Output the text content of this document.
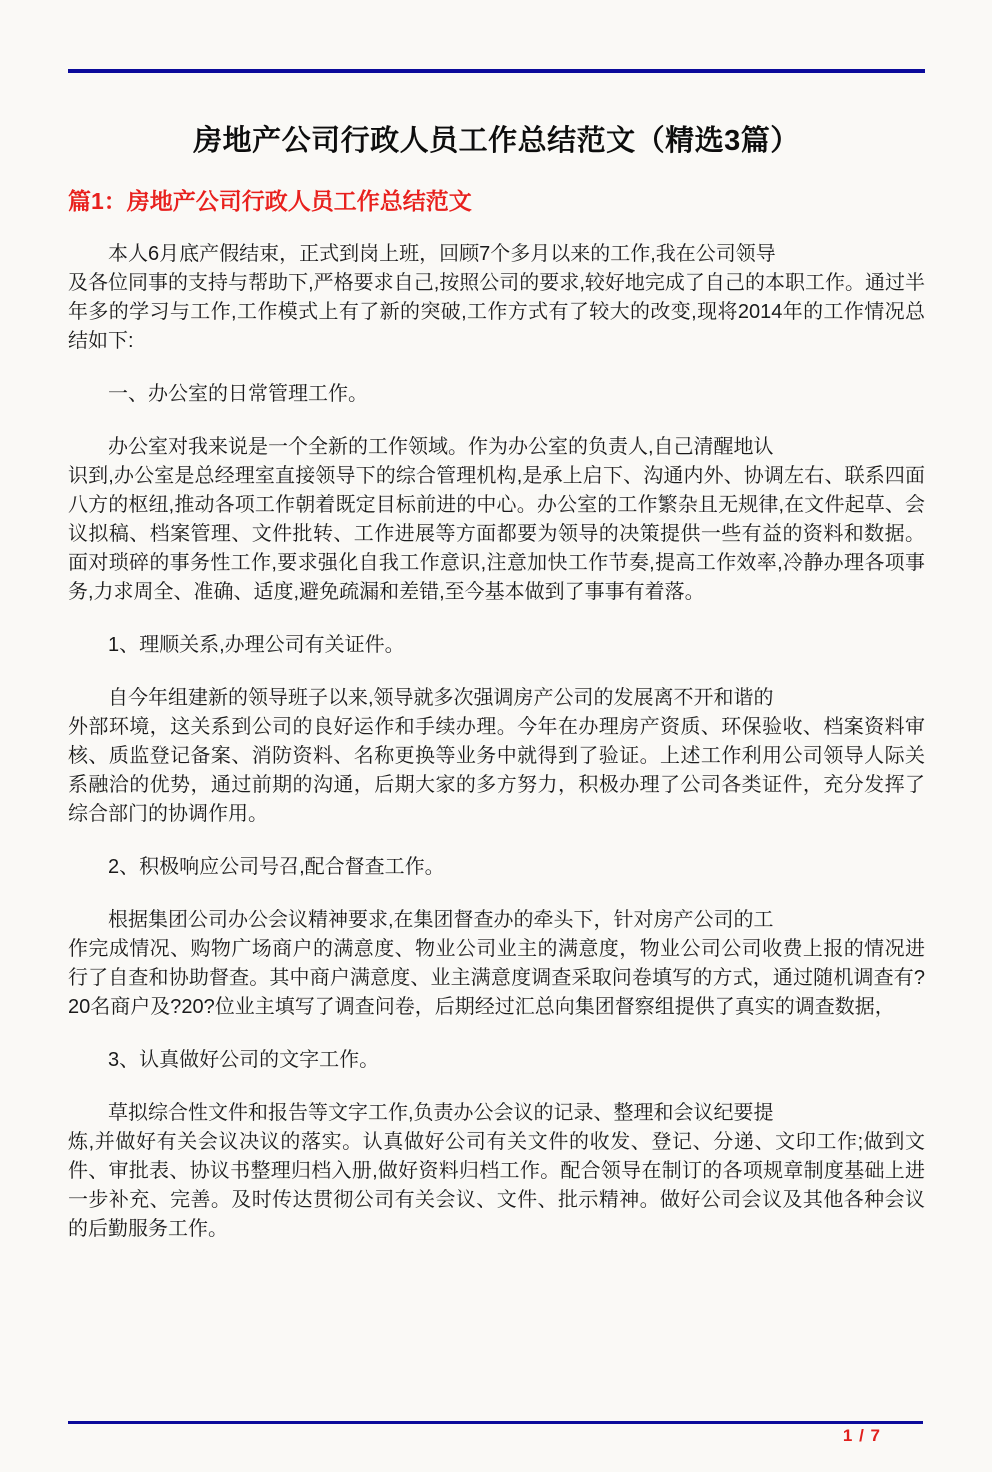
房地产公司行政人员工作总结范文（精选3篇）
篇1：房地产公司行政人员工作总结范文

本人6月底产假结束，正式到岗上班，回顾7个多月以来的工作,我在公司领导
及各位同事的支持与帮助下,严格要求自己,按照公司的要求,较好地完成了自己的本职工作。通过半年多的学习与工作,工作模式上有了新的突破,工作方式有了较大的改变,现将2014年的工作情况总结如下:

一、办公室的日常管理工作。

办公室对我来说是一个全新的工作领域。作为办公室的负责人,自己清醒地认
识到,办公室是总经理室直接领导下的综合管理机构,是承上启下、沟通内外、协调左右、联系四面八方的枢纽,推动各项工作朝着既定目标前进的中心。办公室的工作繁杂且无规律,在文件起草、会议拟稿、档案管理、文件批转、工作进展等方面都要为领导的决策提供一些有益的资料和数据。面对琐碎的事务性工作,要求强化自我工作意识,注意加快工作节奏,提高工作效率,冷静办理各项事务,力求周全、准确、适度,避免疏漏和差错,至今基本做到了事事有着落。

1、理顺关系,办理公司有关证件。

自今年组建新的领导班子以来,领导就多次强调房产公司的发展离不开和谐的
外部环境，这关系到公司的良好运作和手续办理。今年在办理房产资质、环保验收、档案资料审核、质监登记备案、消防资料、名称更换等业务中就得到了验证。上述工作利用公司领导人际关系融洽的优势，通过前期的沟通，后期大家的多方努力，积极办理了公司各类证件，充分发挥了综合部门的协调作用。

2、积极响应公司号召,配合督查工作。

根据集团公司办公会议精神要求,在集团督查办的牵头下，针对房产公司的工
作完成情况、购物广场商户的满意度、物业公司业主的满意度，物业公司公司收费上报的情况进行了自查和协助督查。其中商户满意度、业主满意度调查采取问卷填写的方式，通过随机调查有?20名商户及?20?位业主填写了调查问卷，后期经过汇总向集团督察组提供了真实的调查数据，

3、认真做好公司的文字工作。

草拟综合性文件和报告等文字工作,负责办公会议的记录、整理和会议纪要提
炼,并做好有关会议决议的落实。认真做好公司有关文件的收发、登记、分递、文印工作;做到文件、审批表、协议书整理归档入册,做好资料归档工作。配合领导在制订的各项规章制度基础上进一步补充、完善。及时传达贯彻公司有关会议、文件、批示精神。做好公司会议及其他各种会议的后勤服务工作。

1 / 7
